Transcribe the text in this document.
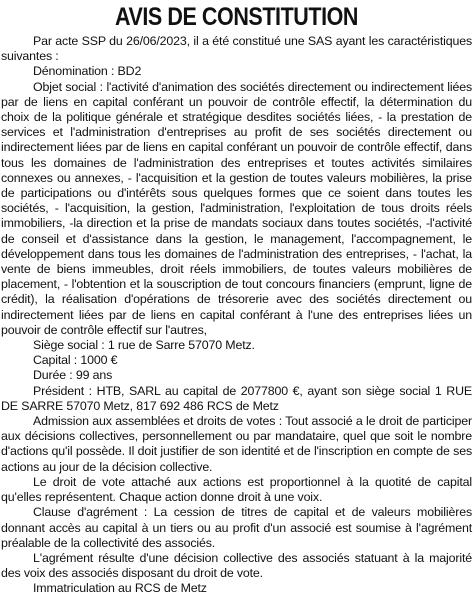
AVIS DE CONSTITUTION

Par acte SSP du 26/06/2023, il a été constitué une SAS ayant les caractéristiques suivantes :

Dénomination : BD2

Objet social : l'activité d'animation des sociétés directement ou indirectement liées par de liens en capital conférant un pouvoir de contrôle effectif, la détermination du choix de la politique générale et stratégique desdites sociétés liées, - la prestation de services et l'administration d'entreprises au profit de ses sociétés directement ou indirectement liées par de liens en capital conférant un pouvoir de contrôle effectif, dans tous les domaines de l'administration des entreprises et toutes activités similaires connexes ou annexes, - l'acquisition et la gestion de toutes valeurs mobilières, la prise de participations ou d'intérêts sous quelques formes que ce soient dans toutes les sociétés, - l'acquisition, la gestion, l'administration, l'exploitation de tous droits réels immobiliers, -la direction et la prise de mandats sociaux dans toutes sociétés, -l'activité de conseil et d'assistance dans la gestion, le management, l'accompagnement, le développement dans tous les domaines de l'administration des entreprises, - l'achat, la vente de biens immeubles, droit réels immobiliers, de toutes valeurs mobilières de placement, - l'obtention et la souscription de tout concours financiers (emprunt, ligne de crédit), la réalisation d'opérations de trésorerie avec des sociétés directement ou indirectement liées par de liens en capital conférant à l'une des entreprises liées un pouvoir de contrôle effectif sur l'autres,

Siège social : 1 rue de Sarre 57070 Metz.

Capital : 1000 €

Durée : 99 ans

Président : HTB, SARL au capital de 2077800 €, ayant son siège social 1 RUE DE SARRE 57070 Metz, 817 692 486 RCS de Metz

Admission aux assemblées et droits de votes : Tout associé a le droit de participer aux décisions collectives, personnellement ou par mandataire, quel que soit le nombre d'actions qu'il possède. Il doit justifier de son identité et de l'inscription en compte de ses actions au jour de la décision collective.

Le droit de vote attaché aux actions est proportionnel à la quotité de capital qu'elles représentent. Chaque action donne droit à une voix.

Clause d'agrément : La cession de titres de capital et de valeurs mobilières donnant accès au capital à un tiers ou au profit d'un associé est soumise à l'agrément préalable de la collectivité des associés.

L'agrément résulte d'une décision collective des associés statuant à la majorité des voix des associés disposant du droit de vote.

Immatriculation au RCS de Metz
